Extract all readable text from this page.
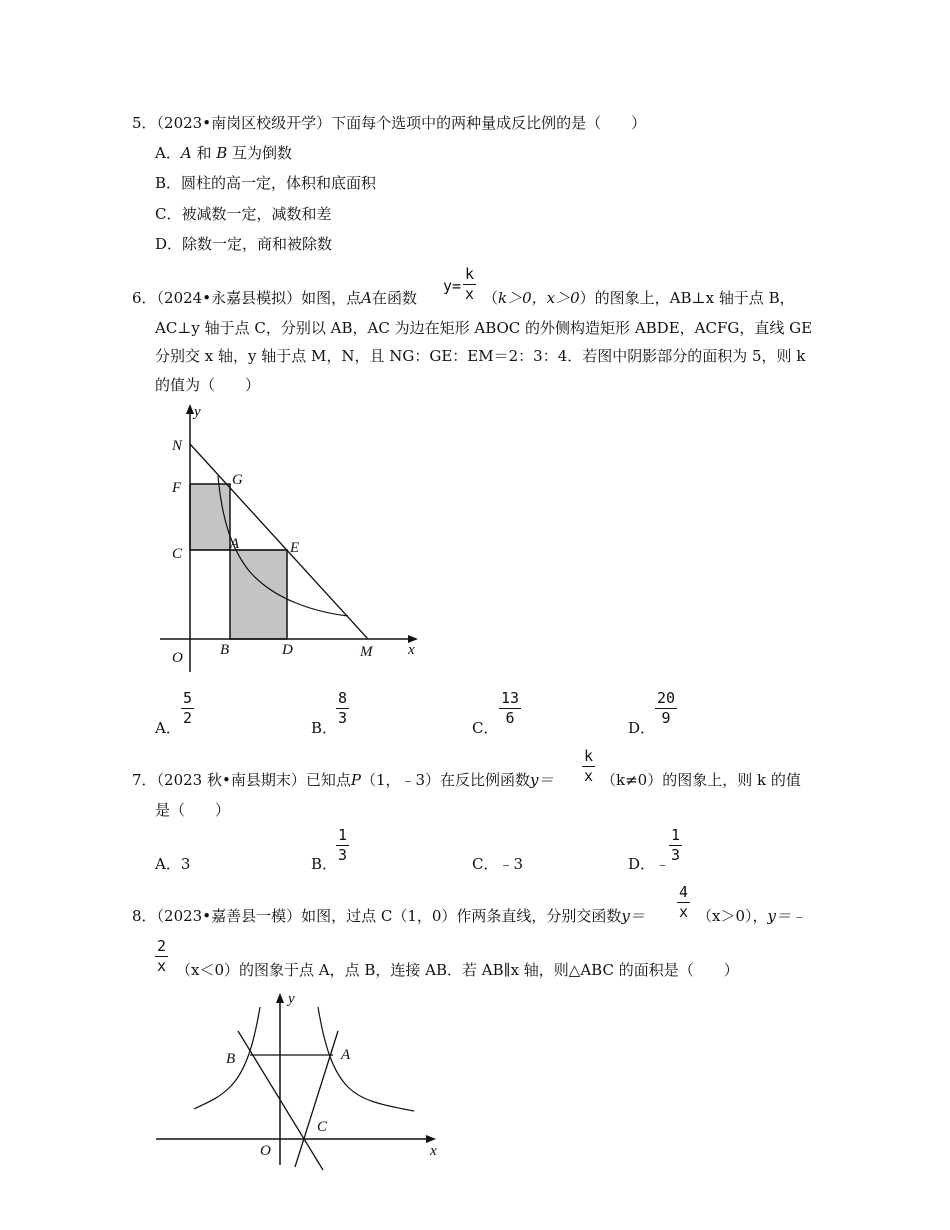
5．（2023•南岗区校级开学）下面每个选项中的两种量成反比例的是（　　）
A．A 和 B 互为倒数
B．圆柱的高一定，体积和底面积
C．被减数一定，减数和差
D．除数一定，商和被除数
6．（2024•永嘉县模拟）如图，点A在函数
y=
k
x （k＞0，x＞0）的图象上，AB⊥x 轴于点 B，
AC⊥y 轴于点 C，分别以 AB，AC 为边在矩形 ABOC 的外侧构造矩形 ABDE，ACFG，直线 GE
分别交 x 轴，y 轴于点 M，N，且 NG：GE：EM＝2：3：4．若图中阴影部分的面积为 5，则 k
的值为（　　）
y
N
F	G
C
A	E
O B	D	M x
A．
5
2
B．
8
3
C．
13
6
D．
20
9
7．（2023 秋•南县期末）已知点P（1，﹣3）在反比例函数y＝
k
x （k≠0）的图象上，则 k 的值
是（　　）
A．3	B．
1
3	C．﹣3	D．﹣
1
3
8．（2023•嘉善县一模）如图，过点 C（1，0）作两条直线，分别交函数y＝
4
x （x＞0），y＝﹣
2
x （x＜0）的图象于点 A，点 B，连接 AB．若 AB∥x 轴，则△ABC 的面积是（　　）
y
B	A
O
C
x
